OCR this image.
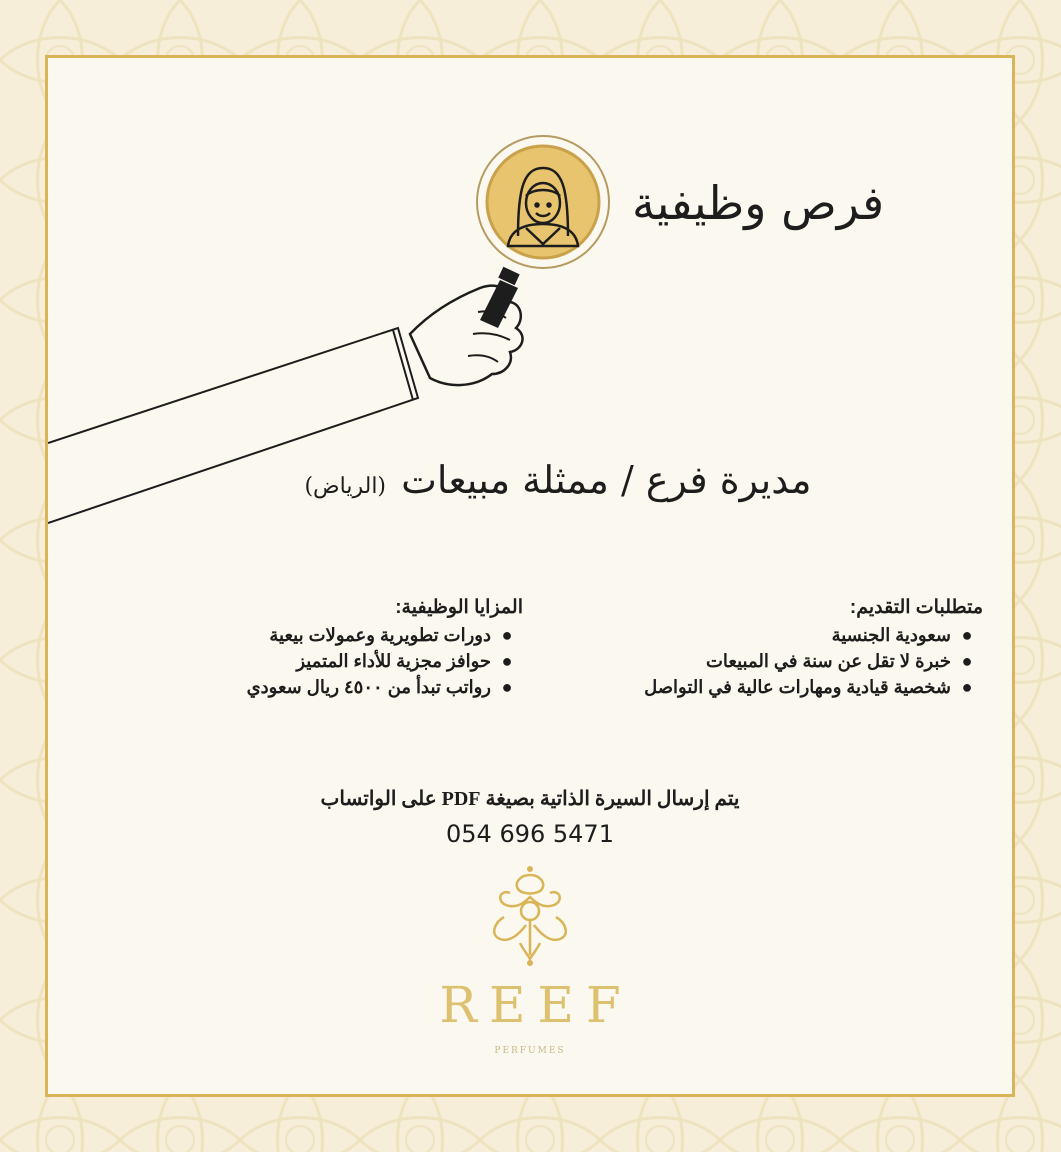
فرص وظيفية
مديرة فرع / ممثلة مبيعات (الرياض)
متطلبات التقديم:
●سعودية الجنسية
●خبرة لا تقل عن سنة في المبيعات
●شخصية قيادية ومهارات عالية في التواصل
المزايا الوظيفية:
●دورات تطويرية وعمولات بيعية
●حوافز مجزية للأداء المتميز
●رواتب تبدأ من ٤٥٠٠ ريال سعودي
يتم إرسال السيرة الذاتية بصيغة PDF على الواتساب
054 696 5471
REEF
PERFUMES
